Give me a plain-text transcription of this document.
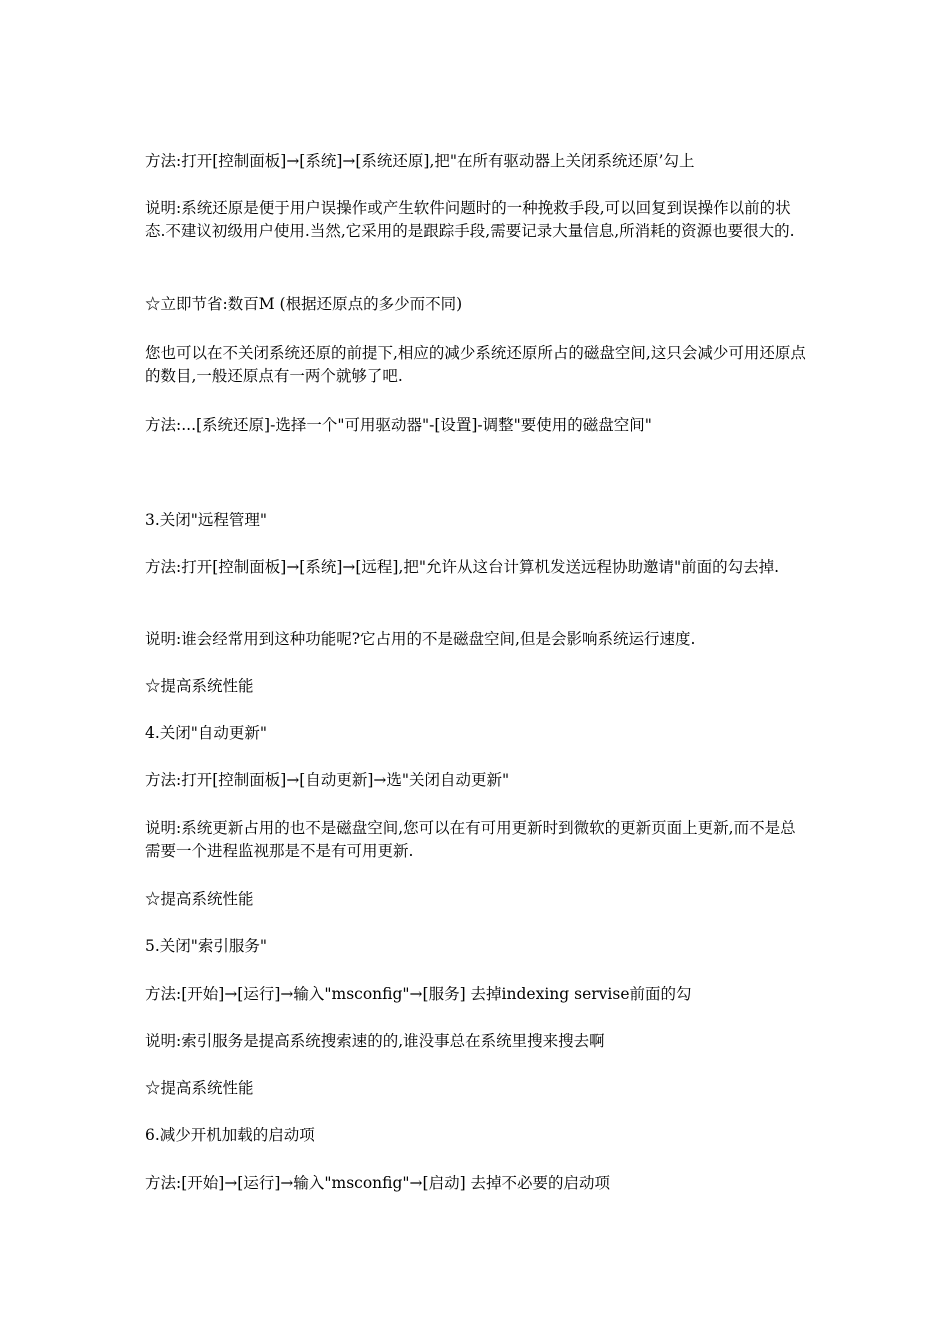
方法:打开[控制面板]→[系统]→[系统还原],把"在所有驱动器上关闭系统还原’勾上

说明:系统还原是便于用户误操作或产生软件问题时的一种挽救手段,可以回复到误操作以前的状态.不建议初级用户使用.当然,它采用的是跟踪手段,需要记录大量信息,所消耗的资源也要很大的.

☆立即节省:数百M (根据还原点的多少而不同)

您也可以在不关闭系统还原的前提下,相应的减少系统还原所占的磁盘空间,这只会减少可用还原点的数目,一般还原点有一两个就够了吧.

方法:...[系统还原]-选择一个"可用驱动器"-[设置]-调整"要使用的磁盘空间"

3.关闭"远程管理"

方法:打开[控制面板]→[系统]→[远程],把"允许从这台计算机发送远程协助邀请"前面的勾去掉.

说明:谁会经常用到这种功能呢?它占用的不是磁盘空间,但是会影响系统运行速度.

☆提高系统性能

4.关闭"自动更新"

方法:打开[控制面板]→[自动更新]→选"关闭自动更新"

说明:系统更新占用的也不是磁盘空间,您可以在有可用更新时到微软的更新页面上更新,而不是总需要一个进程监视那是不是有可用更新.

☆提高系统性能

5.关闭"索引服务"

方法:[开始]→[运行]→输入"msconfig"→[服务] 去掉indexing servise前面的勾

说明:索引服务是提高系统搜索速的的,谁没事总在系统里搜来搜去啊

☆提高系统性能

6.减少开机加载的启动项

方法:[开始]→[运行]→输入"msconfig"→[启动] 去掉不必要的启动项
